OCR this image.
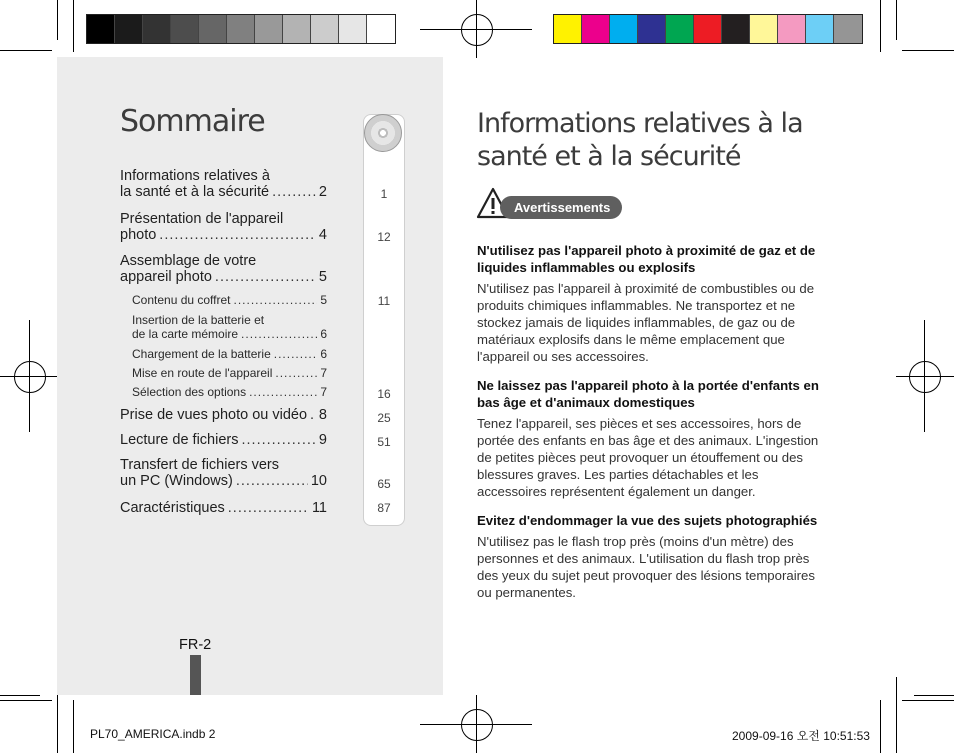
Sommaire
Informations relatives à
la santé et à la sécurité .....	2
Présentation de l'appareil
photo .....	4
Assemblage de votre
appareil photo .....	5
Contenu du coffret .....	5
Insertion de la batterie et
de la carte mémoire .....	6
Chargement de la batterie .....	6
Mise en route de l'appareil .....	7
Sélection des options .....	7
Prise de vues photo ou vidéo ..... 8
Lecture de fichiers .....	9
Transfert de fichiers vers
un PC (Windows) .....	10
Caractéristiques .....	11
1
12
11
16
25
51
65
87
FR-2
Informations relatives à la
santé et à la sécurité
Avertissements
N'utilisez pas l'appareil photo à proximité de gaz et de liquides inflammables ou explosifs
N'utilisez pas l'appareil à proximité de combustibles ou de produits chimiques inflammables. Ne transportez et ne stockez jamais de liquides inflammables, de gaz ou de matériaux explosifs dans le même emplacement que l'appareil ou ses accessoires.
Ne laissez pas l'appareil photo à la portée d'enfants en bas âge et d'animaux domestiques
Tenez l'appareil, ses pièces et ses accessoires, hors de portée des enfants en bas âge et des animaux. L'ingestion de petites pièces peut provoquer un étouffement ou des blessures graves. Les parties détachables et les accessoires représentent également un danger.
Evitez d'endommager la vue des sujets photographiés
N'utilisez pas le flash trop près (moins d'un mètre) des personnes et des animaux. L'utilisation du flash trop près des yeux du sujet peut provoquer des lésions temporaires ou permanentes.
PL70_AMERICA.indb 2	2009-09-16 오전 10:51:53
